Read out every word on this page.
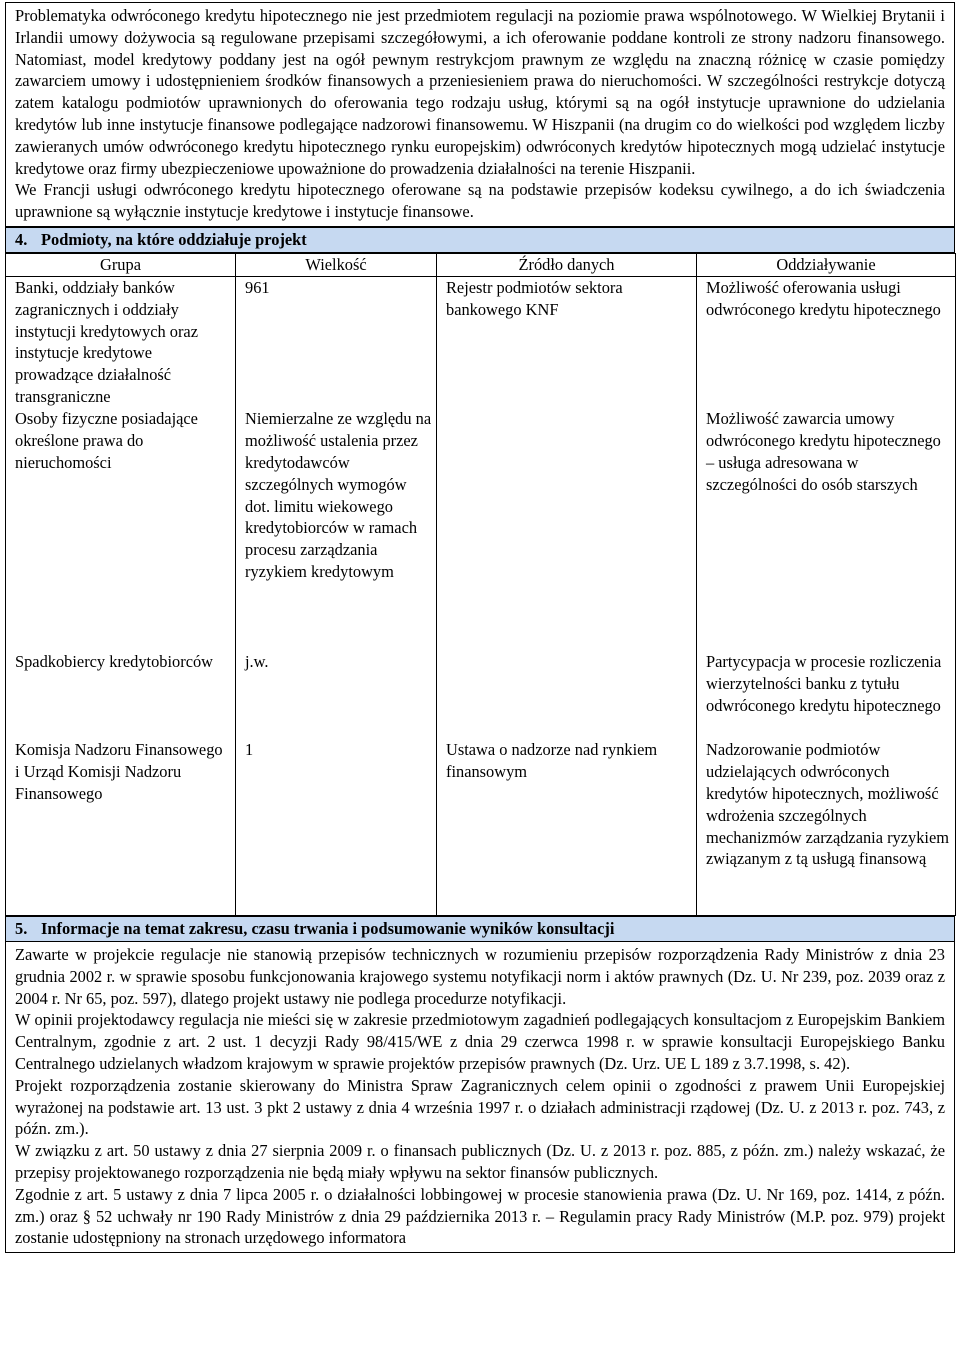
Problematyka odwróconego kredytu hipotecznego nie jest przedmiotem regulacji na poziomie prawa wspólnotowego. W Wielkiej Brytanii i Irlandii umowy dożywocia są regulowane przepisami szczegółowymi, a ich oferowanie poddane kontroli ze strony nadzoru finansowego. Natomiast, model kredytowy poddany jest na ogół pewnym restrykcjom prawnym ze względu na znaczną różnicę w czasie pomiędzy zawarciem umowy i udostępnieniem środków finansowych a przeniesieniem prawa do nieruchomości. W szczególności restrykcje dotyczą zatem katalogu podmiotów uprawnionych do oferowania tego rodzaju usług, którymi są na ogół instytucje uprawnione do udzielania kredytów lub inne instytucje finansowe podlegające nadzorowi finansowemu. W Hiszpanii (na drugim co do wielkości pod względem liczby zawieranych umów odwróconego kredytu hipotecznego rynku europejskim) odwróconych kredytów hipotecznych mogą udzielać instytucje kredytowe oraz firmy ubezpieczeniowe upoważnione do prowadzenia działalności na terenie Hiszpanii.

We Francji usługi odwróconego kredytu hipotecznego oferowane są na podstawie przepisów kodeksu cywilnego, a do ich świadczenia uprawnione są wyłącznie instytucje kredytowe i instytucje finansowe.

4. Podmioty, na które oddziałuje projekt
Grupa	Wielkość	Źródło danych	Oddziaływanie
Banki, oddziały banków zagranicznych i oddziały instytucji kredytowych oraz instytucje kredytowe prowadzące działalność transgraniczne	961	Rejestr podmiotów sektora bankowego KNF	Możliwość oferowania usługi odwróconego kredytu hipotecznego
Osoby fizyczne posiadające określone prawa do nieruchomości	Niemierzalne ze względu na możliwość ustalenia przez kredytodawców szczególnych wymogów dot. limitu wiekowego kredytobiorców w ramach procesu zarządzania ryzykiem kredytowym		Możliwość zawarcia umowy odwróconego kredytu hipotecznego – usługa adresowana w szczególności do osób starszych
Spadkobiercy kredytobiorców	j.w.		Partycypacja w procesie rozliczenia wierzytelności banku z tytułu odwróconego kredytu hipotecznego
Komisja Nadzoru Finansowego i Urząd Komisji Nadzoru Finansowego	1	Ustawa o nadzorze nad rynkiem finansowym	Nadzorowanie podmiotów udzielających odwróconych kredytów hipotecznych, możliwość wdrożenia szczególnych mechanizmów zarządzania ryzykiem związanym z tą usługą finansową
5. Informacje na temat zakresu, czasu trwania i podsumowanie wyników konsultacji

Zawarte w projekcie regulacje nie stanowią przepisów technicznych w rozumieniu przepisów rozporządzenia Rady Ministrów z dnia 23 grudnia 2002 r. w sprawie sposobu funkcjonowania krajowego systemu notyfikacji norm i aktów prawnych (Dz. U. Nr 239, poz. 2039 oraz z 2004 r. Nr 65, poz. 597), dlatego projekt ustawy nie podlega procedurze notyfikacji.

W opinii projektodawcy regulacja nie mieści się w zakresie przedmiotowym zagadnień podlegających konsultacjom z Europejskim Bankiem Centralnym, zgodnie z art. 2 ust. 1 decyzji Rady 98/415/WE z dnia 29 czerwca 1998 r. w sprawie konsultacji Europejskiego Banku Centralnego udzielanych władzom krajowym w sprawie projektów przepisów prawnych (Dz. Urz. UE L 189 z 3.7.1998, s. 42).

Projekt rozporządzenia zostanie skierowany do Ministra Spraw Zagranicznych celem opinii o zgodności z prawem Unii Europejskiej wyrażonej na podstawie art. 13 ust. 3 pkt 2 ustawy z dnia 4 września 1997 r. o działach administracji rządowej (Dz. U. z 2013 r. poz. 743, z późn. zm.).

W związku z art. 50 ustawy z dnia 27 sierpnia 2009 r. o finansach publicznych (Dz. U. z 2013 r. poz. 885, z późn. zm.) należy wskazać, że przepisy projektowanego rozporządzenia nie będą miały wpływu na sektor finansów publicznych.

Zgodnie z art. 5 ustawy z dnia 7 lipca 2005 r. o działalności lobbingowej w procesie stanowienia prawa (Dz. U. Nr 169, poz. 1414, z późn. zm.) oraz § 52 uchwały nr 190 Rady Ministrów z dnia 29 października 2013 r. – Regulamin pracy Rady Ministrów (M.P. poz. 979) projekt zostanie udostępniony na stronach urzędowego informatora
